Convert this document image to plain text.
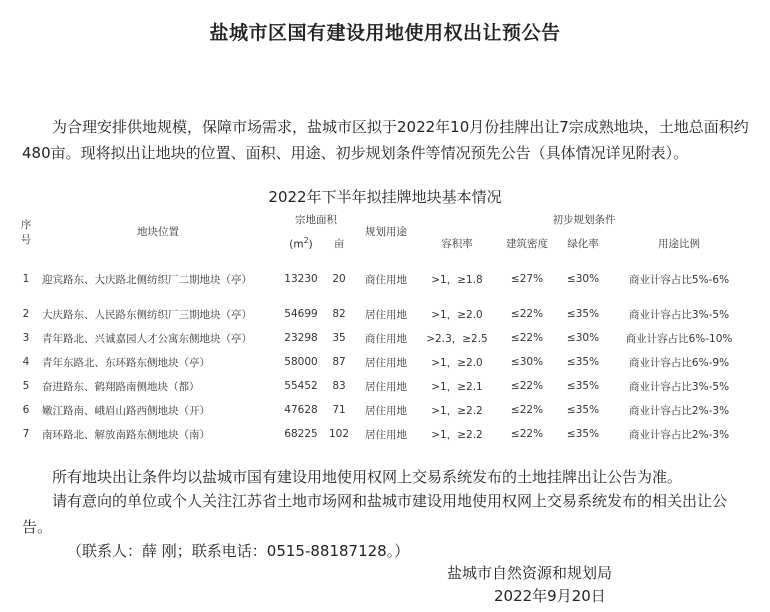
盐城市区国有建设用地使用权出让预公告

为合理安排供地规模，保障市场需求，盐城市区拟于2022年10月份挂牌出让7宗成熟地块，土地总面积约480亩。现将拟出让地块的位置、面积、用途、初步规划条件等情况预先公告（具体情况详见附表）。

2022年下半年拟挂牌地块基本情况
序号	地块位置	宗地面积		规划用途	初步规划条件			
		$(m^2)$	亩		容积率	建筑密度	绿化率	用途比例
1	迎宾路东、大庆路北侧纺织厂二期地块（亭）	13230	20	商住用地	>1，≥1.8	≤27%	≤30%	商业计容占比5%-6%
2	大庆路东、人民路东侧纺织厂三期地块（亭）	54699	82	居住用地	>1，≥2.0	≤22%	≤35%	商业计容占比3%-5%
3	青年路北、兴诚嘉园人才公寓东侧地块（亭）	23298	35	商住用地	>2.3，≥2.5	≤22%	≤30%	商业计容占比6%-10%
4	青年东路北、东环路东侧地块（亭）	58000	87	居住用地	>1，≥2.0	≤30%	≤35%	商业计容占比6%-9%
5	奋进路东、鹤翔路南侧地块（都）	55452	83	居住用地	>1，≥2.1	≤22%	≤35%	商业计容占比3%-5%
6	嫩江路南、峨眉山路西侧地块（开）	47628	71	居住用地	>1，≥2.2	≤22%	≤35%	商业计容占比2%-3%
7	南环路北、解放南路东侧地块（南）	68225	102	居住用地	>1，≥2.2	≤22%	≤35%	商业计容占比2%-3%

所有地块出让条件均以盐城市国有建设用地使用权网上交易系统发布的土地挂牌出让公告为准。

请有意向的单位或个人关注江苏省土地市场网和盐城市建设用地使用权网上交易系统发布的相关出让公告。

（联系人：薛 刚；联系电话：0515-88187128。）

盐城市自然资源和规划局
2022年9月20日
